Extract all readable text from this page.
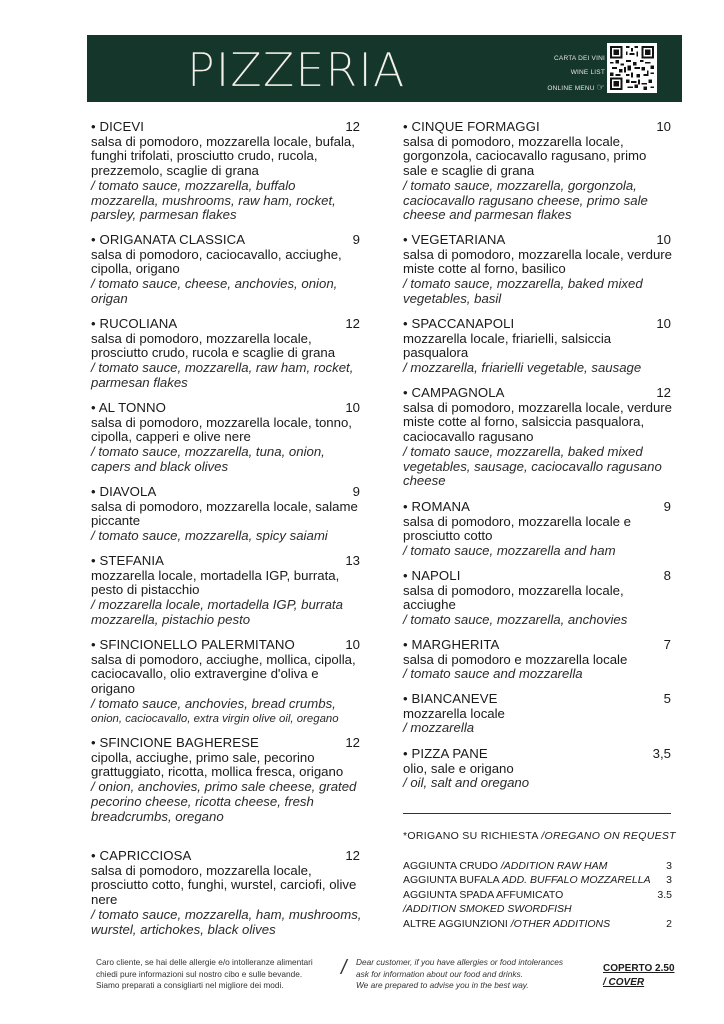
PIZZERIA	CARTA DEI VINI
WINE LIST
ONLINE MENU ☞
• DICEVI	12
salsa di pomodoro, mozzarella locale, bufala, funghi trifolati, prosciutto crudo, rucola, prezzemolo, scaglie di grana
/ tomato sauce, mozzarella, buffalo mozzarella, mushrooms, raw ham, rocket, parsley, parmesan flakes
• ORIGANATA CLASSICA	9
salsa di pomodoro, caciocavallo, acciughe, cipolla, origano
/ tomato sauce, cheese, anchovies, onion, origan
• RUCOLIANA	12
salsa di pomodoro, mozzarella locale, prosciutto crudo, rucola e scaglie di grana
/ tomato sauce, mozzarella, raw ham, rocket, parmesan flakes
• AL TONNO	10
salsa di pomodoro, mozzarella locale, tonno, cipolla, capperi e olive nere
/ tomato sauce, mozzarella, tuna, onion, capers and black olives
• DIAVOLA	9
salsa di pomodoro, mozzarella locale, salame piccante
/ tomato sauce, mozzarella, spicy saiami
• STEFANIA	13
mozzarella locale, mortadella IGP, burrata, pesto di pistacchio
/ mozzarella locale, mortadella IGP, burrata mozzarella, pistachio pesto
• SFINCIONELLO PALERMITANO	10
salsa di pomodoro, acciughe, mollica, cipolla, caciocavallo, olio extravergine d'oliva e origano
/ tomato sauce, anchovies, bread crumbs,
onion, caciocavallo, extra virgin olive oil, oregano
• SFINCIONE BAGHERESE	12
cipolla, acciughe, primo sale, pecorino grattuggiato, ricotta, mollica fresca, origano
/ onion, anchovies, primo sale cheese, grated pecorino cheese, ricotta cheese, fresh breadcrumbs, oregano
• CAPRICCIOSA	12
salsa di pomodoro, mozzarella locale, prosciutto cotto, funghi, wurstel, carciofi, olive nere
/ tomato sauce, mozzarella, ham, mushrooms, wurstel, artichokes, black olives
• CINQUE FORMAGGI	10
salsa di pomodoro, mozzarella locale, gorgonzola, caciocavallo ragusano, primo sale e scaglie di grana
/ tomato sauce, mozzarella, gorgonzola, caciocavallo ragusano cheese, primo sale cheese and parmesan flakes
• VEGETARIANA	10
salsa di pomodoro, mozzarella locale, verdure miste cotte al forno, basilico
/ tomato sauce, mozzarella, baked mixed vegetables, basil
• SPACCANAPOLI	10
mozzarella locale, friarielli, salsiccia pasqualora
/ mozzarella, friarielli vegetable, sausage
• CAMPAGNOLA	12
salsa di pomodoro, mozzarella locale, verdure miste cotte al forno, salsiccia pasqualora, caciocavallo ragusano
/ tomato sauce, mozzarella, baked mixed vegetables, sausage, caciocavallo ragusano cheese
• ROMANA	9
salsa di pomodoro, mozzarella locale e prosciutto cotto
/ tomato sauce, mozzarella and ham
• NAPOLI	8
salsa di pomodoro, mozzarella locale, acciughe
/ tomato sauce, mozzarella, anchovies
• MARGHERITA	7
salsa di pomodoro e mozzarella locale
/ tomato sauce and mozzarella
• BIANCANEVE	5
mozzarella locale
/ mozzarella
• PIZZA PANE	3,5
olio, sale e origano
/ oil, salt and oregano
*ORIGANO SU RICHIESTA /OREGANO ON REQUEST
AGGIUNTA CRUDO /ADDITION RAW HAM	3
AGGIUNTA BUFALA ADD. BUFFALO MOZZARELLA 3
AGGIUNTA SPADA AFFUMICATO	3.5
/ADDITION SMOKED SWORDFISH
ALTRE AGGIUNZIONI /OTHER ADDITIONS	2
Caro cliente, se hai delle allergie e/o intolleranze alimentari
chiedi pure informazioni sul nostro cibo e sulle bevande.
Siamo preparati a consigliarti nel migliore dei modi.
/ Dear customer, if you have allergies or food intolerances
ask for information about our food and drinks.
We are prepared to advise you in the best way.
COPERTO 2.50
/ COVER
